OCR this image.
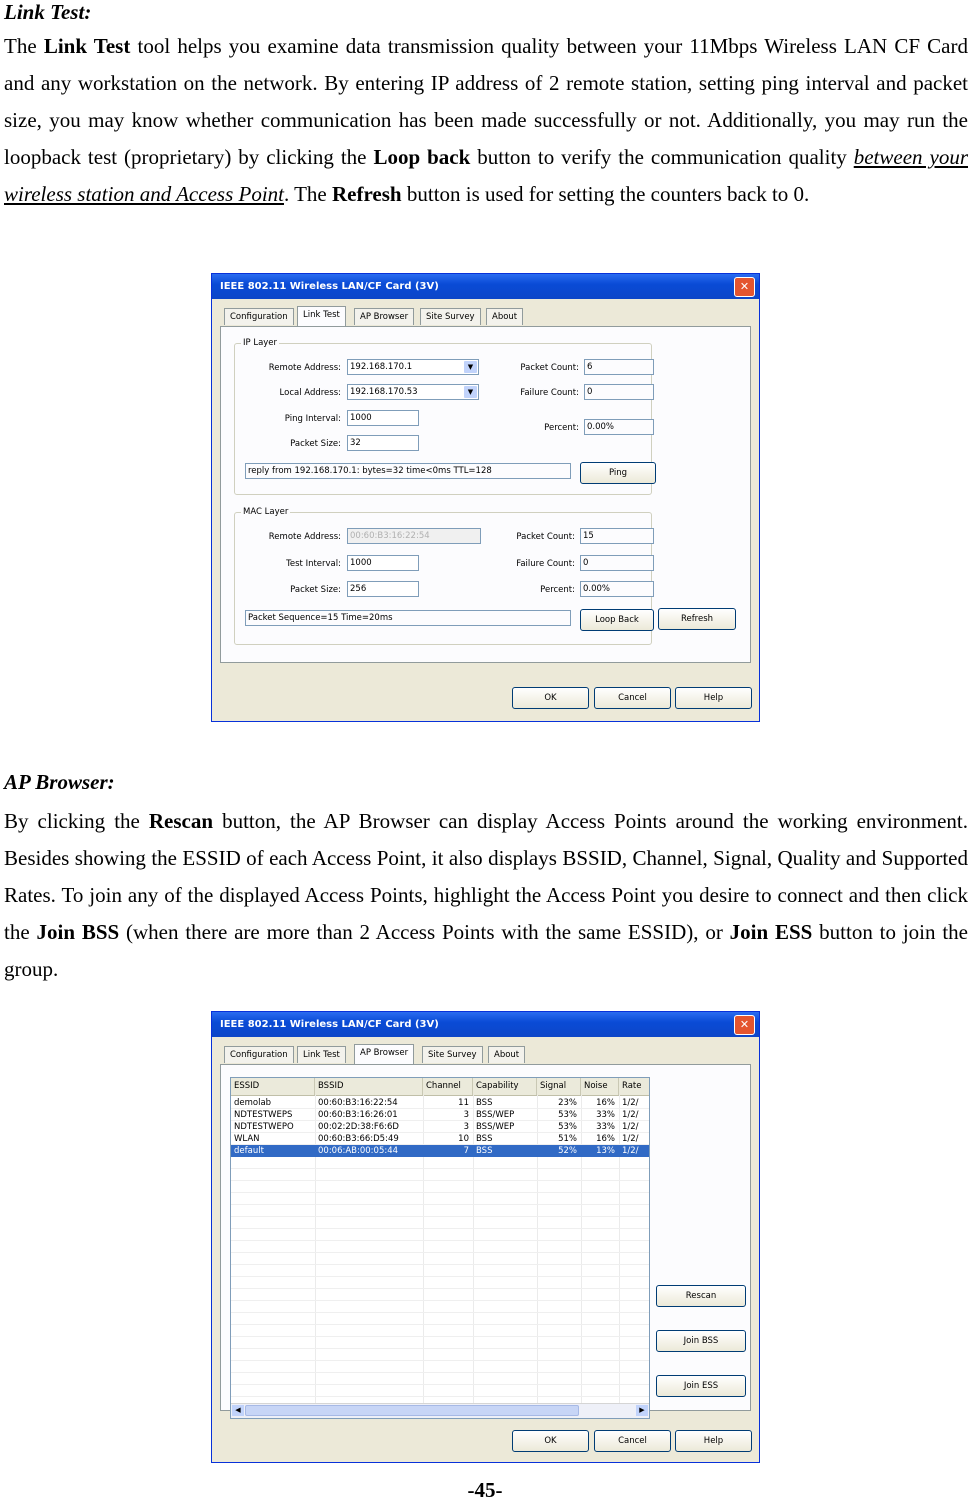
Link Test:
The Link Test tool helps you examine data transmission quality between your 11Mbps Wireless LAN CF Card and any workstation on the network. By entering IP address of 2 remote station, setting ping interval and packet size, you may know whether communication has been made successfully or not. Additionally, you may run the loopback test (proprietary) by clicking the Loop back button to verify the communication quality between your wireless station and Access Point. The Refresh button is used for setting the counters back to 0.
IEEE 802.11 Wireless LAN/CF Card (3V)	✕
Configuration	Link Test	AP Browser	Site Survey	About
IP Layer
Remote Address:	192.168.170.1	▼
Local Address:	192.168.170.53	▼
Ping Interval:	1000
Packet Size:	32
Packet Count: 6
Failure Count: 0
Percent: 0.00%
reply from 192.168.170.1: bytes=32 time<0ms TTL=128	Ping
MAC Layer
Remote Address:	00:60:B3:16:22:54
Test Interval:	1000
Packet Size:	256
Packet Count: 15
Failure Count: 0
Percent: 0.00%
Packet Sequence=15 Time=20ms	Loop Back	Refresh
OK	Cancel	Help
AP Browser:
By clicking the Rescan button, the AP Browser can display Access Points around the working environment. Besides showing the ESSID of each Access Point, it also displays BSSID, Channel, Signal, Quality and Supported Rates. To join any of the displayed Access Points, highlight the Access Point you desire to connect and then click the Join BSS (when there are more than 2 Access Points with the same ESSID), or Join ESS button to join the group.
IEEE 802.11 Wireless LAN/CF Card (3V)	✕
Configuration	Link Test	AP Browser	Site Survey	About
ESSID	BSSID	Channel	Capability	Signal	Noise	Rate
demolab	00:60:B3:16:22:54	11 BSS	23%	16% 1/2/
NDTESTWEPS	00:60:B3:16:26:01	3 BSS/WEP	53%	33% 1/2/
NDTESTWEPO	00:02:2D:38:F6:6D	3 BSS/WEP	53%	33% 1/2/
WLAN	00:60:B3:66:D5:49	10 BSS	51%	16% 1/2/
default	00:06:AB:00:05:44	7 BSS	52%	13% 1/2/
◀	▶
Rescan
Join BSS
Join ESS
OK	Cancel	Help
-45-
